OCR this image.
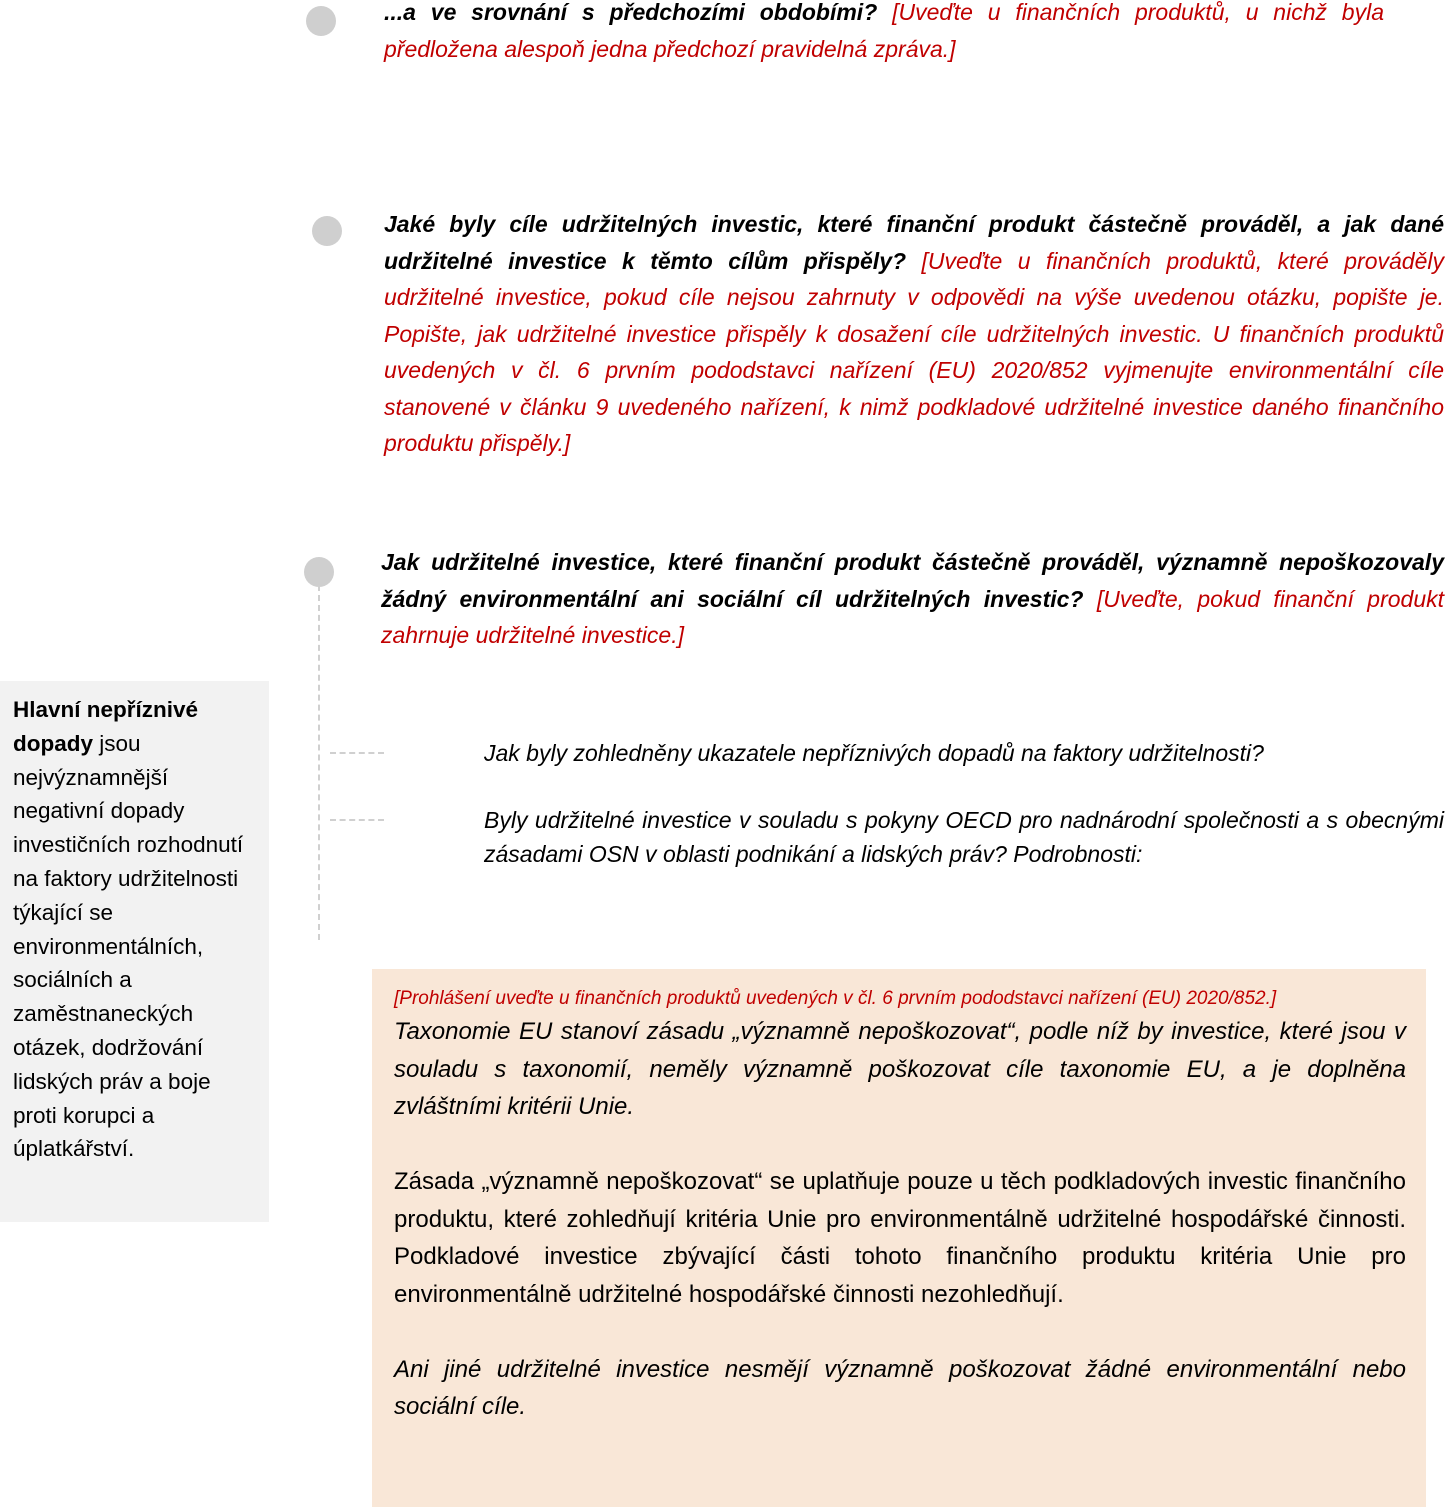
...a ve srovnání s předchozími obdobími? [Uveďte u finančních produktů, u nichž byla předložena alespoň jedna předchozí pravidelná zpráva.]
Jaké byly cíle udržitelných investic, které finanční produkt částečně prováděl, a jak dané udržitelné investice k těmto cílům přispěly? [Uveďte u finančních produktů, které prováděly udržitelné investice, pokud cíle nejsou zahrnuty v odpovědi na výše uvedenou otázku, popište je. Popište, jak udržitelné investice přispěly k dosažení cíle udržitelných investic. U finančních produktů uvedených v čl. 6 prvním pododstavci nařízení (EU) 2020/852 vyjmenujte environmentální cíle stanovené v článku 9 uvedeného nařízení, k nimž podkladové udržitelné investice daného finančního produktu přispěly.]
Jak udržitelné investice, které finanční produkt částečně prováděl, významně nepoškozovaly žádný environmentální ani sociální cíl udržitelných investic? [Uveďte, pokud finanční produkt zahrnuje udržitelné investice.]
Jak byly zohledněny ukazatele nepříznivých dopadů na faktory udržitelnosti?
Byly udržitelné investice v souladu s pokyny OECD pro nadnárodní společnosti a s obecnými zásadami OSN v oblasti podnikání a lidských práv? Podrobnosti:
Hlavní nepříznivé dopady jsou nejvýznamnější negativní dopady investičních rozhodnutí na faktory udržitelnosti týkající se environmentálních, sociálních a zaměstnaneckých otázek, dodržování lidských práv a boje proti korupci a úplatkářství.

[Prohlášení uveďte u finančních produktů uvedených v čl. 6 prvním pododstavci nařízení (EU) 2020/852.]

Taxonomie EU stanoví zásadu „významně nepoškozovat“, podle níž by investice, které jsou v souladu s taxonomií, neměly významně poškozovat cíle taxonomie EU, a je doplněna zvláštními kritérii Unie.

Zásada „významně nepoškozovat“ se uplatňuje pouze u těch podkladových investic finančního produktu, které zohledňují kritéria Unie pro environmentálně udržitelné hospodářské činnosti. Podkladové investice zbývající části tohoto finančního produktu kritéria Unie pro environmentálně udržitelné hospodářské činnosti nezohledňují.

Ani jiné udržitelné investice nesmějí významně poškozovat žádné environmentální nebo sociální cíle.
